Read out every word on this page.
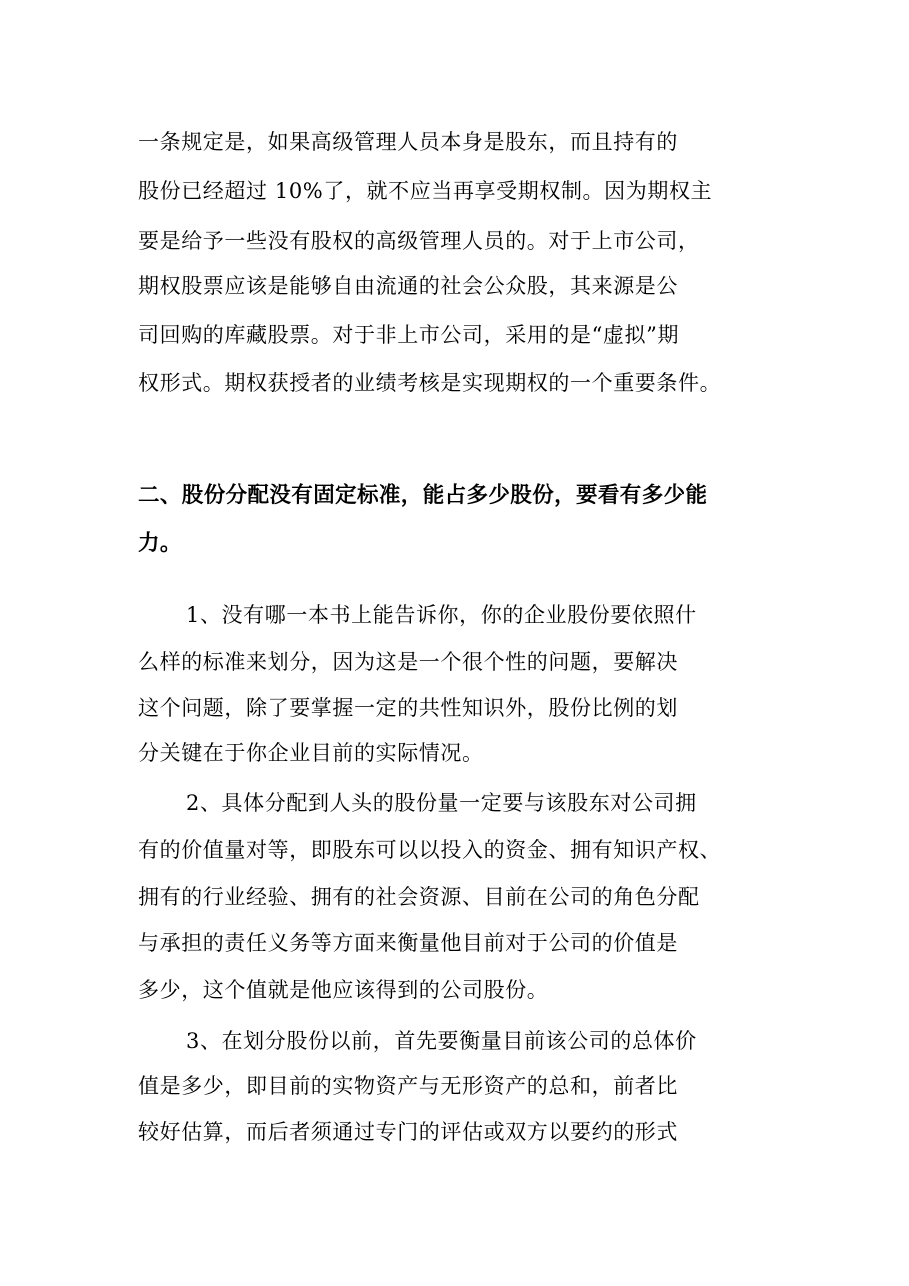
一条规定是，如果高级管理人员本身是股东，而且持有的
股份已经超过 10%了，就不应当再享受期权制。因为期权主
要是给予一些没有股权的高级管理人员的。对于上市公司，
期权股票应该是能够自由流通的社会公众股，其来源是公
司回购的库藏股票。对于非上市公司，采用的是“虚拟”期
权形式。期权获授者的业绩考核是实现期权的一个重要条件。
二、股份分配没有固定标准，能占多少股份，要看有多少能
力。
1、没有哪一本书上能告诉你，你的企业股份要依照什
么样的标准来划分，因为这是一个很个性的问题，要解决
这个问题，除了要掌握一定的共性知识外，股份比例的划
分关键在于你企业目前的实际情况。
2、具体分配到人头的股份量一定要与该股东对公司拥
有的价值量对等，即股东可以以投入的资金、拥有知识产权、
拥有的行业经验、拥有的社会资源、目前在公司的角色分配
与承担的责任义务等方面来衡量他目前对于公司的价值是
多少，这个值就是他应该得到的公司股份。
3、在划分股份以前，首先要衡量目前该公司的总体价
值是多少，即目前的实物资产与无形资产的总和，前者比
较好估算，而后者须通过专门的评估或双方以要约的形式
